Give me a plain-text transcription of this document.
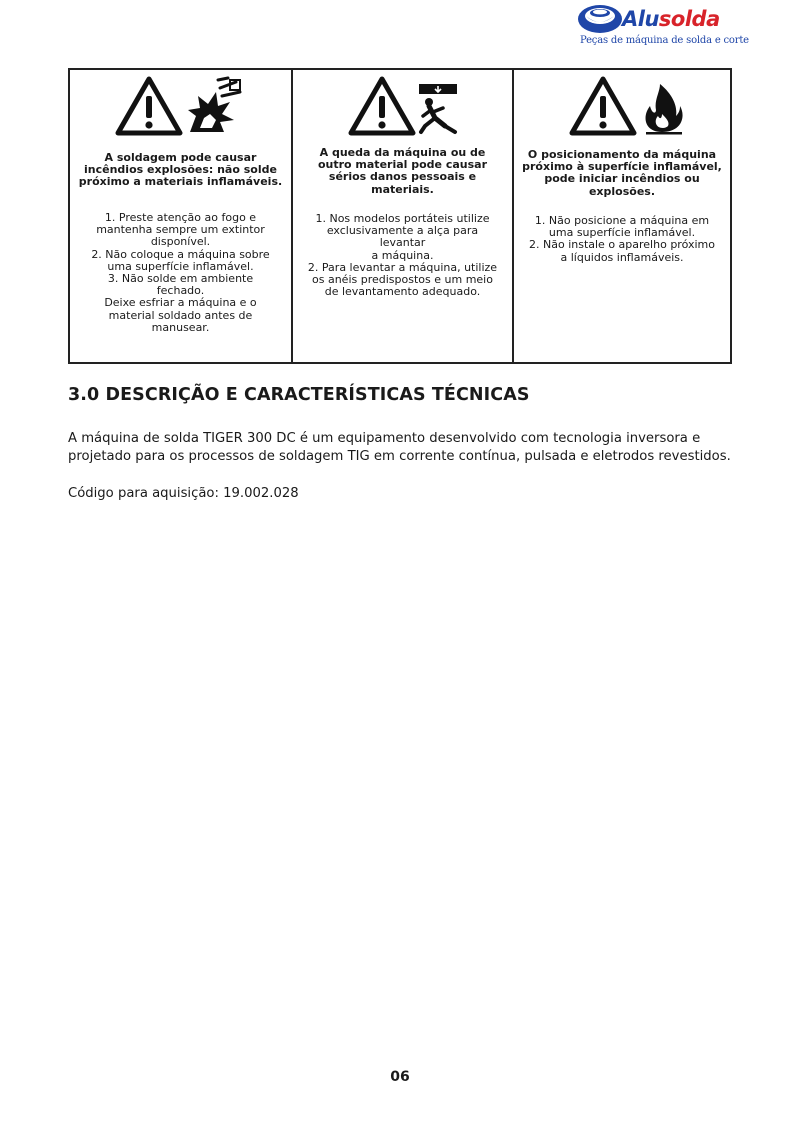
Alusolda
Peças de máquina de solda e corte
A soldagem pode causar
incêndios explosões: não solde
próximo a materiais inflamáveis.
1. Preste atenção ao fogo e
mantenha sempre um extintor
disponível.
2. Não coloque a máquina sobre
uma superfície inflamável.
3. Não solde em ambiente
fechado.
Deixe esfriar a máquina e o
material soldado antes de
manusear.
A queda da máquina ou de
outro material pode causar
sérios danos pessoais e
materiais.
1. Nos modelos portáteis utilize
exclusivamente a alça para
levantar
a máquina.
2. Para levantar a máquina, utilize
os anéis predispostos e um meio
de levantamento adequado.
O posicionamento da máquina
próximo à superfície inflamável,
pode iniciar incêndios ou
explosões.
1. Não posicione a máquina em
uma superfície inflamável.
2. Não instale o aparelho próximo
a líquidos inflamáveis.
3.0 DESCRIÇÃO E CARACTERÍSTICAS TÉCNICAS
A máquina de solda TIGER 300 DC é um equipamento desenvolvido com tecnologia inversora e
projetado para os processos de soldagem TIG em corrente contínua, pulsada e eletrodos revestidos.
Código para aquisição: 19.002.028
06
